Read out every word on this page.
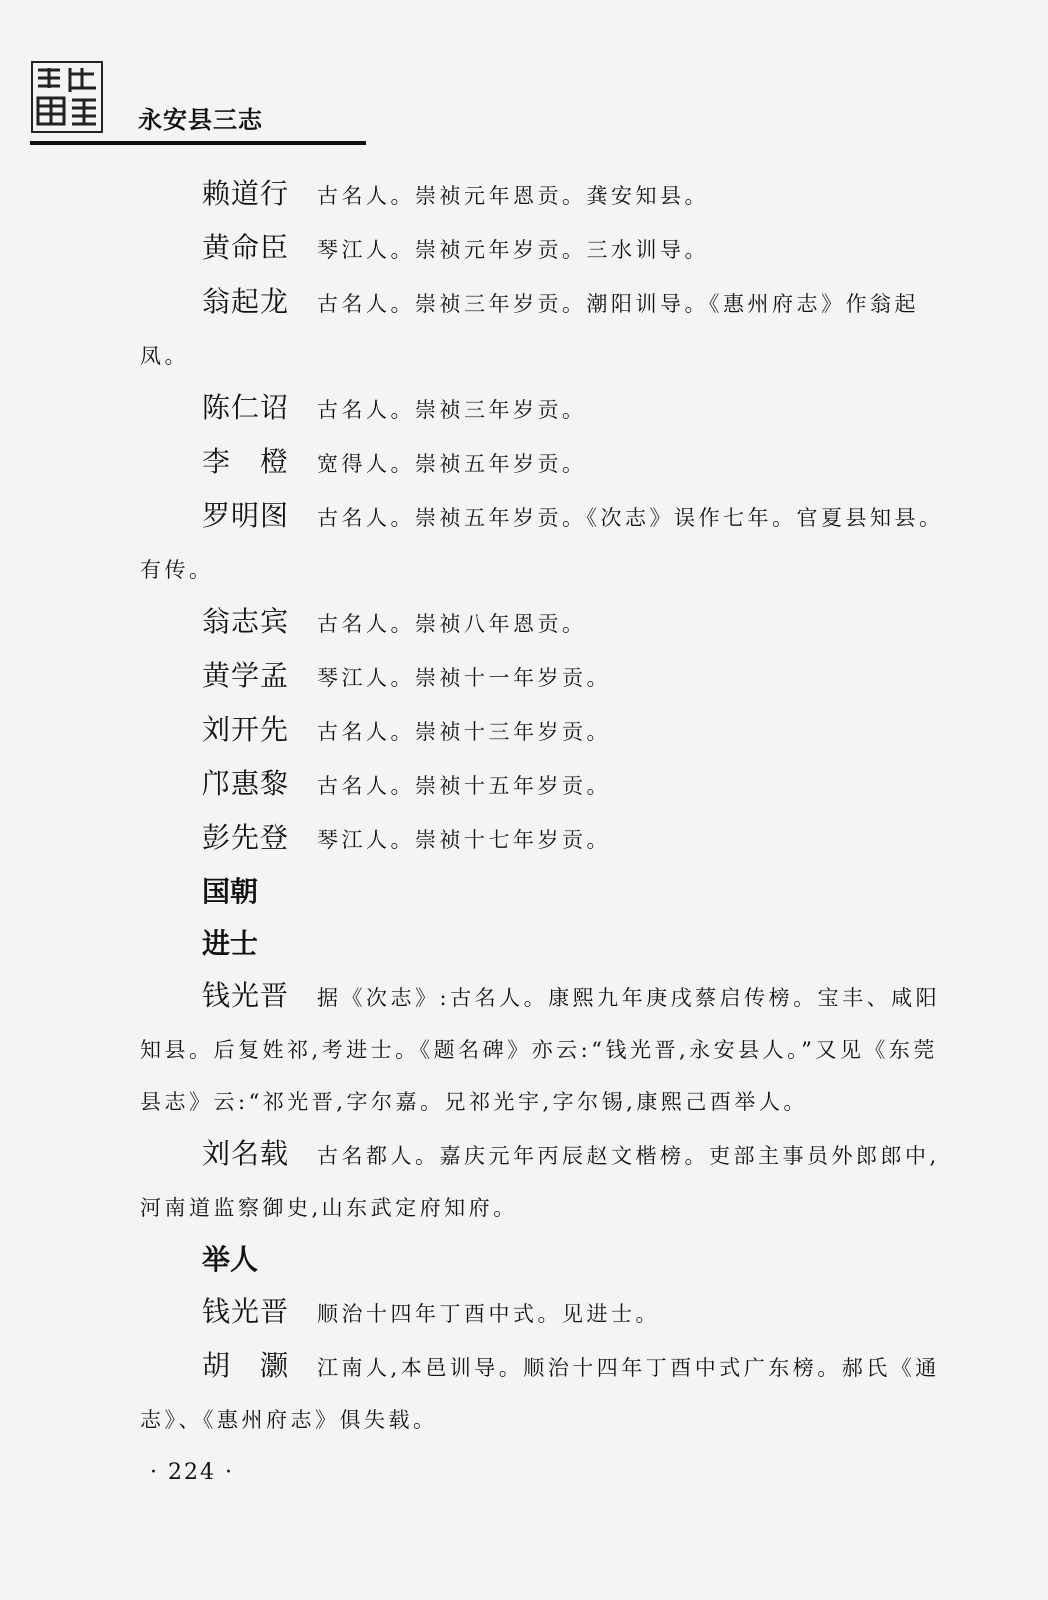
永安县三志

赖道行 古名人。崇祯元年恩贡。龚安知县。

黄命臣 琴江人。崇祯元年岁贡。三水训导。

翁起龙 古名人。崇祯三年岁贡。潮阳训导。《惠州府志》作翁起凤。

陈仁诏 古名人。崇祯三年岁贡。

李　橙 宽得人。崇祯五年岁贡。

罗明图 古名人。崇祯五年岁贡。《次志》误作七年。官夏县知县。有传。

翁志宾 古名人。崇祯八年恩贡。

黄学孟 琴江人。崇祯十一年岁贡。

刘开先 古名人。崇祯十三年岁贡。

邝惠黎 古名人。崇祯十五年岁贡。

彭先登 琴江人。崇祯十七年岁贡。

国朝

进士

钱光晋 据《次志》:古名人。康熙九年庚戌蔡启传榜。宝丰、咸阳知县。后复姓祁,考进士。《题名碑》亦云:“钱光晋,永安县人。”又见《东莞县志》云:“祁光晋,字尔嘉。兄祁光宇,字尔锡,康熙己酉举人。

刘名载 古名都人。嘉庆元年丙辰赵文楷榜。吏部主事员外郎郎中,河南道监察御史,山东武定府知府。

举人

钱光晋 顺治十四年丁酉中式。见进士。

胡　灏 江南人,本邑训导。顺治十四年丁酉中式广东榜。郝氏《通志》、《惠州府志》俱失载。

· 224 ·
